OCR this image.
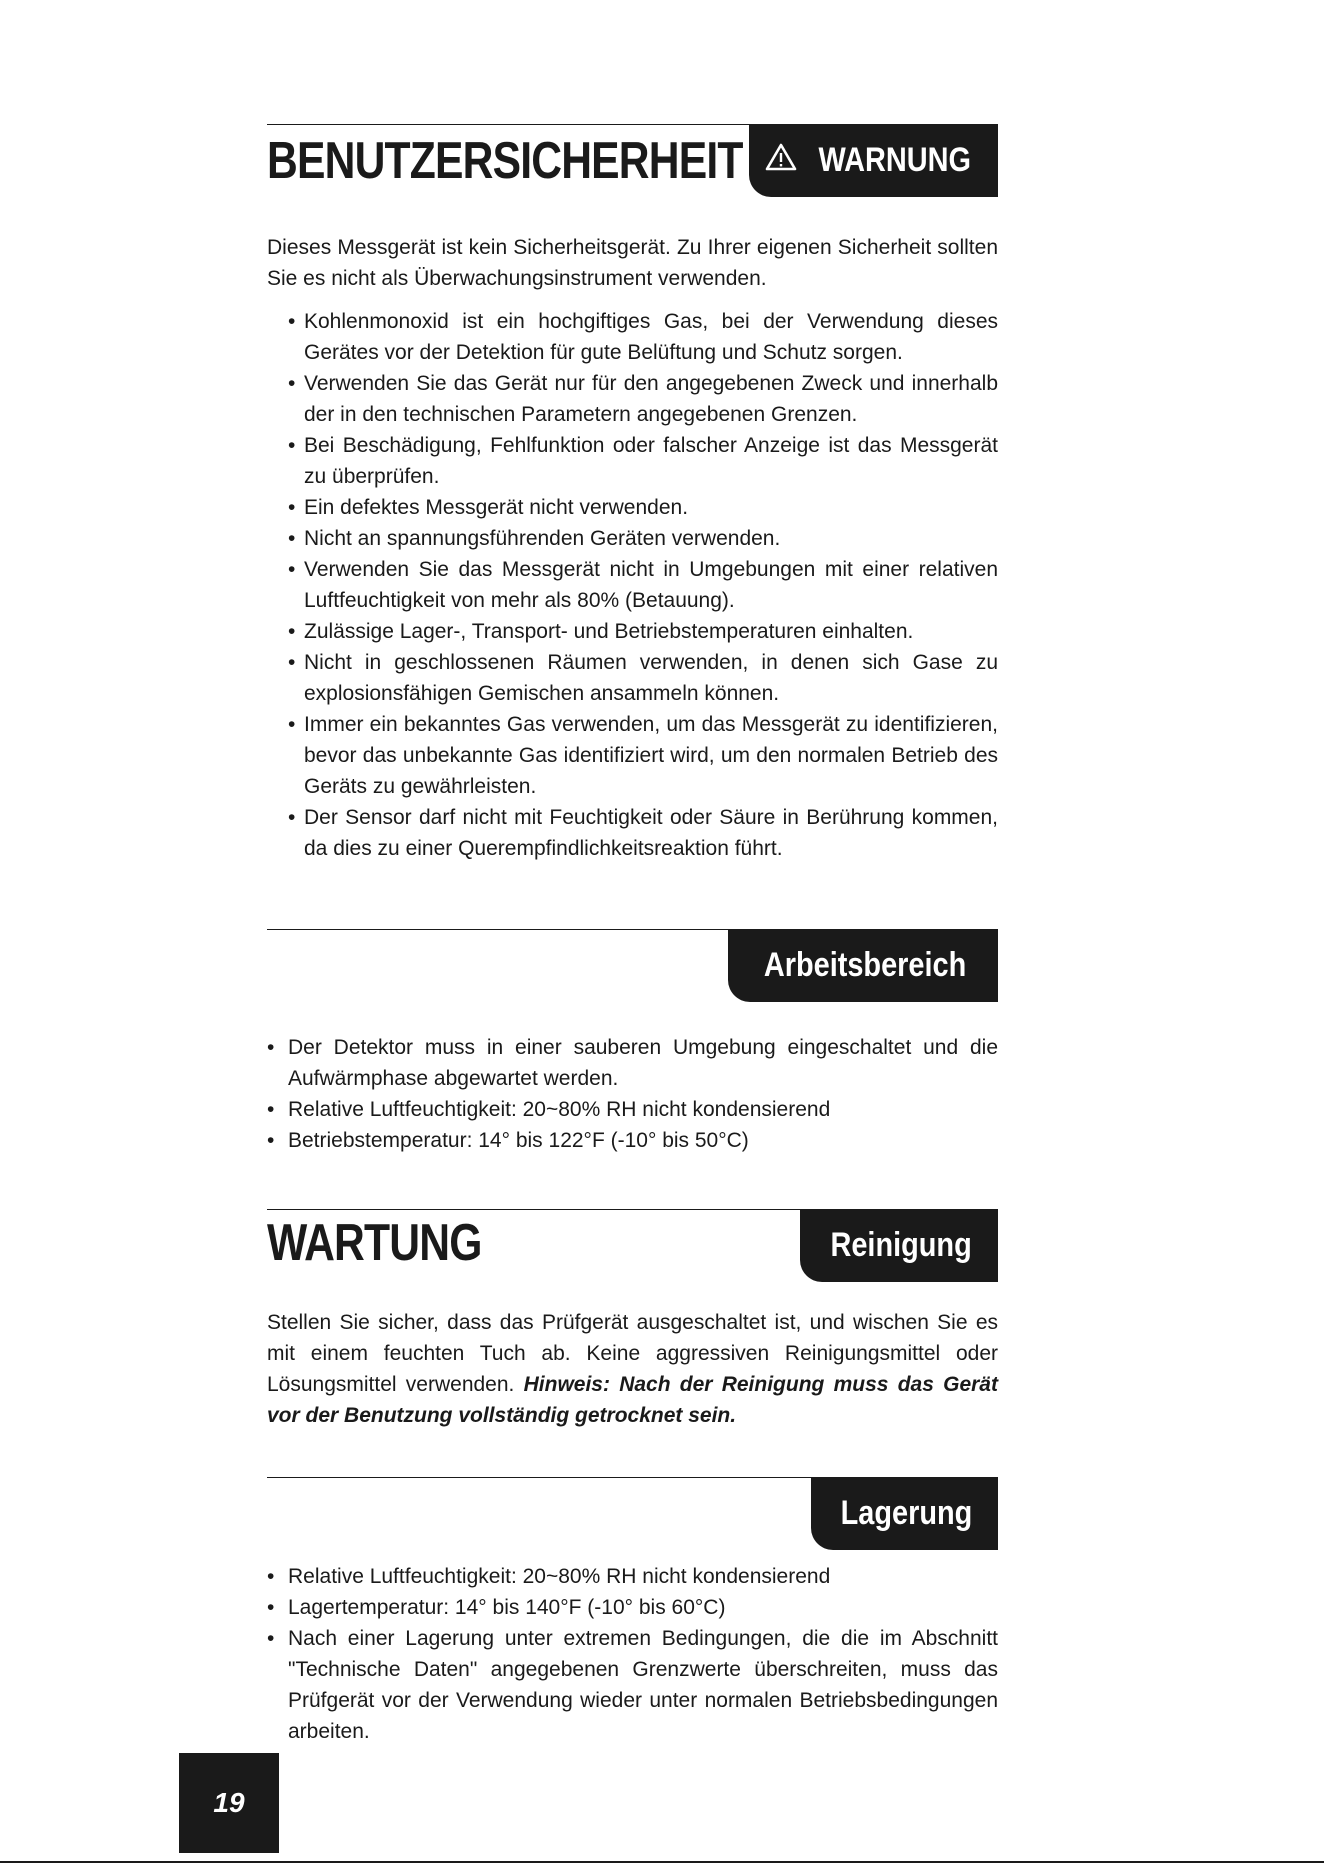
BENUTZERSICHERHEIT WARNUNG

Dieses Messgerät ist kein Sicherheitsgerät. Zu Ihrer eigenen Sicherheit sollten Sie es nicht als Überwachungsinstrument verwenden.

• Kohlenmonoxid ist ein hochgiftiges Gas, bei der Verwendung dieses Gerätes vor der Detektion für gute Belüftung und Schutz sorgen.
• Verwenden Sie das Gerät nur für den angegebenen Zweck und innerhalb der in den technischen Parametern angegebenen Grenzen.
• Bei Beschädigung, Fehlfunktion oder falscher Anzeige ist das Messgerät zu überprüfen.
• Ein defektes Messgerät nicht verwenden.
• Nicht an spannungsführenden Geräten verwenden.
• Verwenden Sie das Messgerät nicht in Umgebungen mit einer relativen Luftfeuchtigkeit von mehr als 80% (Betauung).
• Zulässige Lager-, Transport- und Betriebstemperaturen einhalten.
• Nicht in geschlossenen Räumen verwenden, in denen sich Gase zu explosionsfähigen Gemischen ansammeln können.
• Immer ein bekanntes Gas verwenden, um das Messgerät zu identifizieren, bevor das unbekannte Gas identifiziert wird, um den normalen Betrieb des Geräts zu gewährleisten.
• Der Sensor darf nicht mit Feuchtigkeit oder Säure in Berührung kommen, da dies zu einer Querempfindlichkeitsreaktion führt.
Arbeitsbereich
• Der Detektor muss in einer sauberen Umgebung eingeschaltet und die Aufwärmphase abgewartet werden.
• Relative Luftfeuchtigkeit: 20~80% RH nicht kondensierend
• Betriebstemperatur: 14° bis 122°F (-10° bis 50°C)
WARTUNG	Reinigung

Stellen Sie sicher, dass das Prüfgerät ausgeschaltet ist, und wischen Sie es mit einem feuchten Tuch ab. Keine aggressiven Reinigungsmittel oder Lösungsmittel verwenden. Hinweis: Nach der Reinigung muss das Gerät vor der Benutzung vollständig getrocknet sein.

Lagerung
• Relative Luftfeuchtigkeit: 20~80% RH nicht kondensierend
• Lagertemperatur: 14° bis 140°F (-10° bis 60°C)
• Nach einer Lagerung unter extremen Bedingungen, die die im Abschnitt "Technische Daten" angegebenen Grenzwerte überschreiten, muss das Prüfgerät vor der Verwendung wieder unter normalen Betriebsbedingungen arbeiten.
19
